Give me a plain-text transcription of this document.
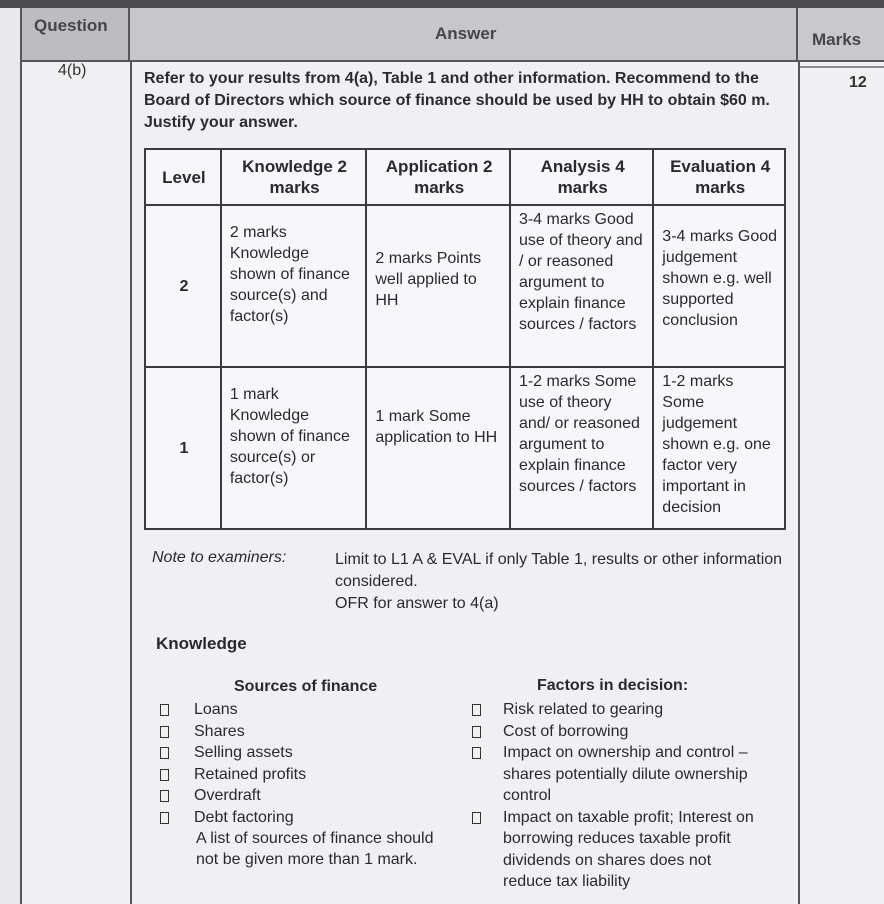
Question	Answer	Marks
4(b)
12
Refer to your results from 4(a), Table 1 and other information. Recommend to the Board of Directors which source of finance should be used by HH to obtain $60 m. Justify your answer.
Level	Knowledge 2 marks	Application 2 marks	Analysis 4 marks	Evaluation 4 marks
2	2 marks Knowledge shown of finance source(s) and factor(s)	2 marks Points well applied to HH	3-4 marks Good use of theory and / or reasoned argument to explain finance sources / factors	3-4 marks Good judgement shown e.g. well supported conclusion
1	1 mark Knowledge shown of finance source(s) or factor(s)	1 mark Some application to HH	1-2 marks Some use of theory and/ or reasoned argument to explain finance sources / factors	1-2 marks Some judgement shown e.g. one factor very important in decision
Note to examiners:	Limit to L1 A & EVAL if only Table 1, results or other information considered.
OFR for answer to 4(a)
Knowledge
Sources of finance	Factors in decision:
Loans
Shares
Selling assets
Retained profits
Overdraft
Debt factoring
A list of sources of finance should not be given more than 1 mark.
Risk related to gearing
Cost of borrowing
Impact on ownership and control – shares potentially dilute ownership control
Impact on taxable profit; Interest on borrowing reduces taxable profit dividends on shares does not reduce tax liability
